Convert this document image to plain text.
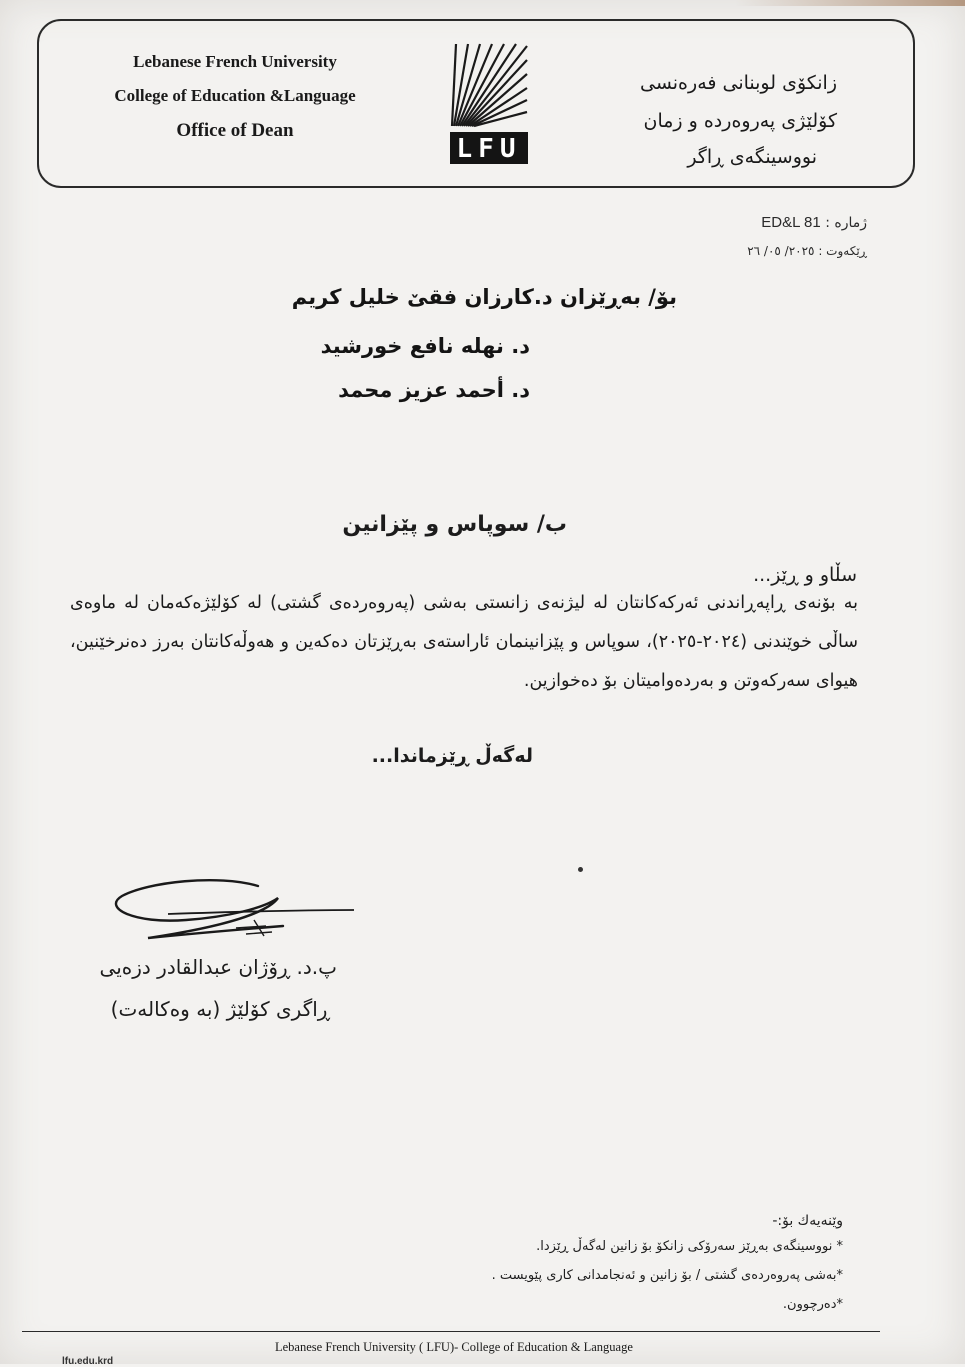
Lebanese French University
College of Education &Language
Office of Dean
LFU
زانكۆی لوبنانی فەرەنسی
كۆلێژی پەروەردە و زمان
نووسینگەی ڕاگر
ژمارە : ED&L 81
ڕێكەوت : ٢٠٢٥/ ٠٥/ ٢٦
بۆ/ بەڕێزان د.كارزان فقێ خلیل كریم
د. نهله نافع خورشید
د. أحمد عزیز محمد
ب/ سوپاس و پێزانین
سڵاو و ڕێز...
بە بۆنەی ڕاپەڕاندنی ئەركەكانتان لە لیژنەی زانستی بەشی (پەروەردەی گشتی) لە كۆلێژەكەمان لە ماوەی ساڵی خوێندنی (٢٠٢٤-٢٠٢٥)، سوپاس و پێزانینمان ئاراستەی بەڕێزتان دەكەین و هەوڵەكانتان بەرز دەنرخێنین، هیوای سەركەوتن و بەردەوامیتان بۆ دەخوازین.
لەگەڵ ڕێزماندا...
پ.د. ڕۆژان عبدالقادر دزەیی
ڕاگری كۆلێژ (بە وەكالەت)
وێنەیەك بۆ:-
* نووسینگەی بەڕێز سەرۆكی زانكۆ بۆ زانین لەگەڵ ڕێزدا.
*بەشی پەروەردەی گشتی / بۆ زانین و ئەنجامدانی كاری پێویست .
*دەرچوون.
Lebanese French University ( LFU)- College of Education & Language
lfu.edu.krd
